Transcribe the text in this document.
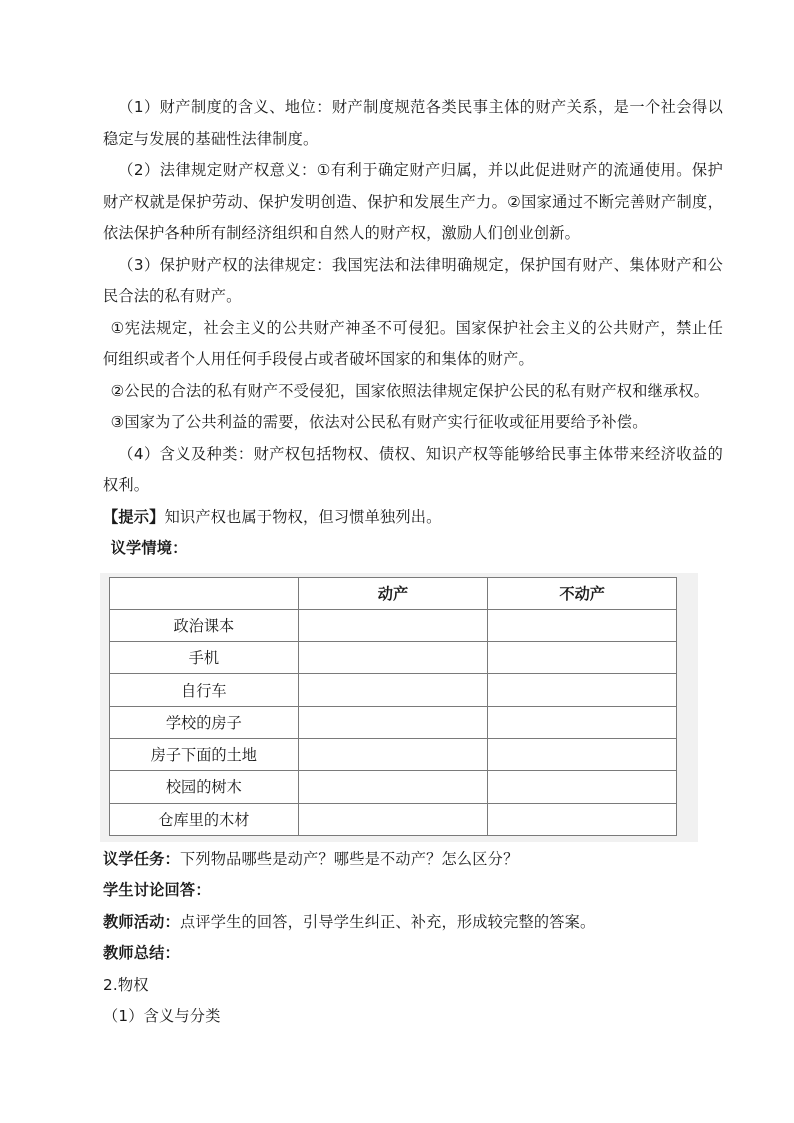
（1）财产制度的含义、地位：财产制度规范各类民事主体的财产关系，是一个社会得以稳定与发展的基础性法律制度。

（2）法律规定财产权意义：①有利于确定财产归属，并以此促进财产的流通使用。保护财产权就是保护劳动、保护发明创造、保护和发展生产力。②国家通过不断完善财产制度，依法保护各种所有制经济组织和自然人的财产权，激励人们创业创新。

（3）保护财产权的法律规定：我国宪法和法律明确规定，保护国有财产、集体财产和公民合法的私有财产。

①宪法规定，社会主义的公共财产神圣不可侵犯。国家保护社会主义的公共财产，禁止任何组织或者个人用任何手段侵占或者破坏国家的和集体的财产。

②公民的合法的私有财产不受侵犯，国家依照法律规定保护公民的私有财产权和继承权。

③国家为了公共利益的需要，依法对公民私有财产实行征收或征用要给予补偿。

（4）含义及种类：财产权包括物权、债权、知识产权等能够给民事主体带来经济收益的权利。

【提示】知识产权也属于物权，但习惯单独列出。

议学情境：

	动产	不动产
政治课本		
手机		
自行车		
学校的房子		
房子下面的土地		
校园的树木		
仓库里的木材		

议学任务：下列物品哪些是动产？哪些是不动产？怎么区分？

学生讨论回答：

教师活动：点评学生的回答，引导学生纠正、补充，形成较完整的答案。

教师总结：

2.物权

（1）含义与分类
